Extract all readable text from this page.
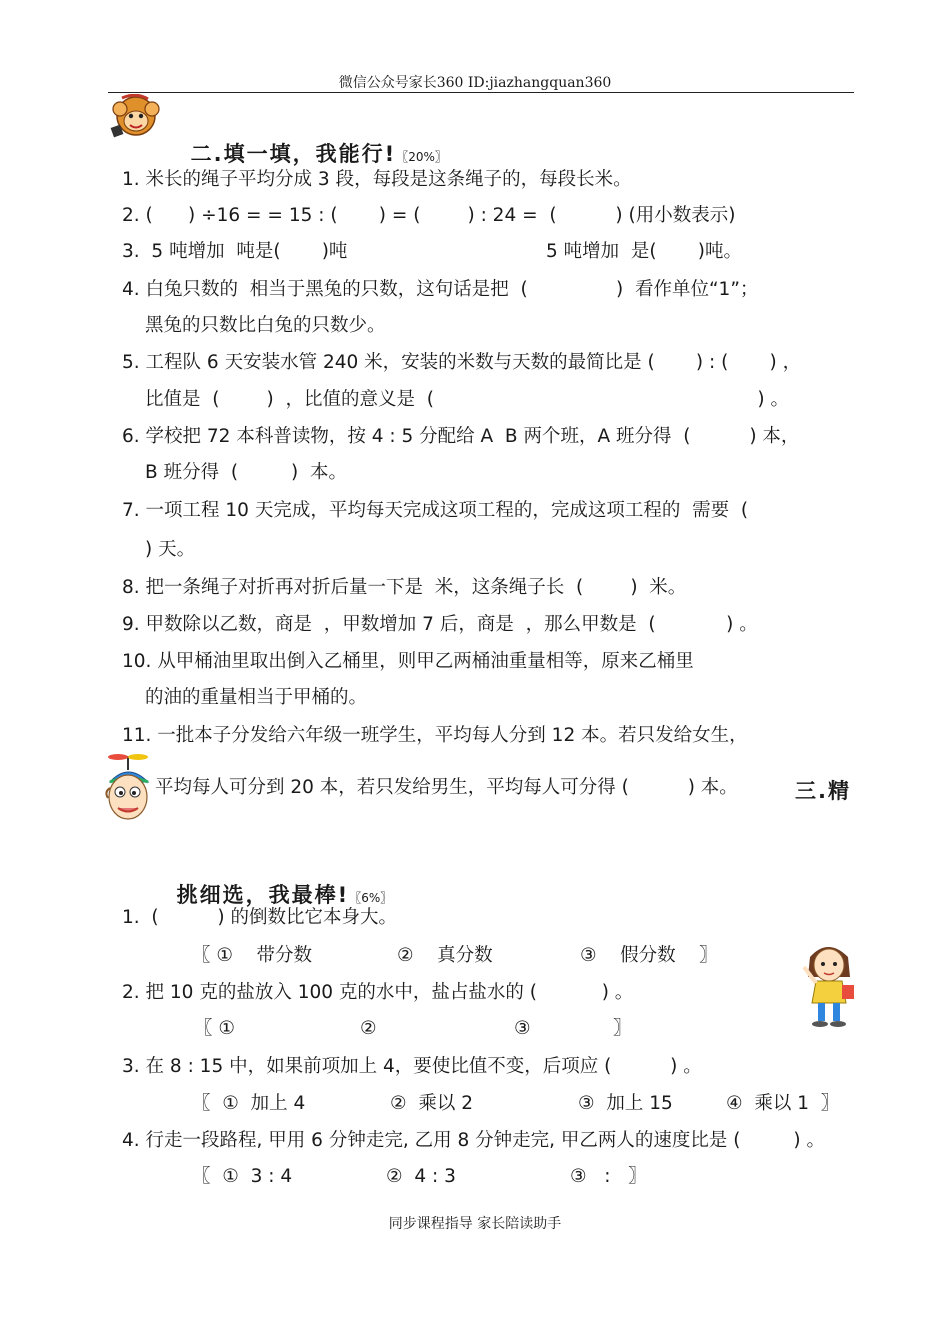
微信公众号家长360 ID:jiazhangquan360

二.填一填，我能行!〖20%〗

1. 米长的绳子平均分成 3 段，每段是这条绳子的，每段长米。
2. (      ) ÷16 = = 15 : (       ) = (        ) : 24 =  (          ) (用小数表示)
3.  5 吨增加  吨是(       )吨	5 吨增加  是(       )吨。
4. 白兔只数的  相当于黑兔的只数，这句话是把  (               )  看作单位“1”；
黑兔的只数比白兔的只数少。
5. 工程队 6 天安装水管 240 米，安装的米数与天数的最简比是 (       ) : (       ) ，
比值是  (        )  ，比值的意义是  (                                                       ) 。
6. 学校把 72 本科普读物，按 4 : 5 分配给 A  B 两个班，A 班分得  (          ) 本，
B 班分得  (         )  本。
7. 一项工程 10 天完成，平均每天完成这项工程的，完成这项工程的  需要  (
) 天。
8. 把一条绳子对折再对折后量一下是  米，这条绳子长  (        )  米。
9. 甲数除以乙数，商是  ，甲数增加 7 后，商是  ，那么甲数是  (            ) 。
10. 从甲桶油里取出倒入乙桶里，则甲乙两桶油重量相等，原来乙桶里
的油的重量相当于甲桶的。
11. 一批本子分发给六年级一班学生，平均每人分到 12 本。若只发给女生，
平均每人可分到 20 本，若只发给男生，平均每人可分得 (          ) 本。	三.精

挑细选，我最棒!〖6%〗

1.  (          ) 的倒数比它本身大。
〖 ①    带分数	②    真分数	③    假分数    〗
2. 把 10 克的盐放入 100 克的水中，盐占盐水的 (           ) 。
〖 ①	②	③	〗
3. 在 8 : 15 中，如果前项加上 4，要使比值不变，后项应 (          ) 。
〖  ①  加上 4	②  乘以 2	③  加上 15	④  乘以 1  〗
4. 行走一段路程, 甲用 6 分钟走完, 乙用 8 分钟走完, 甲乙两人的速度比是 (         ) 。
〖  ①  3 : 4	②  4 : 3	③   :   〗
同步课程指导 家长陪读助手
